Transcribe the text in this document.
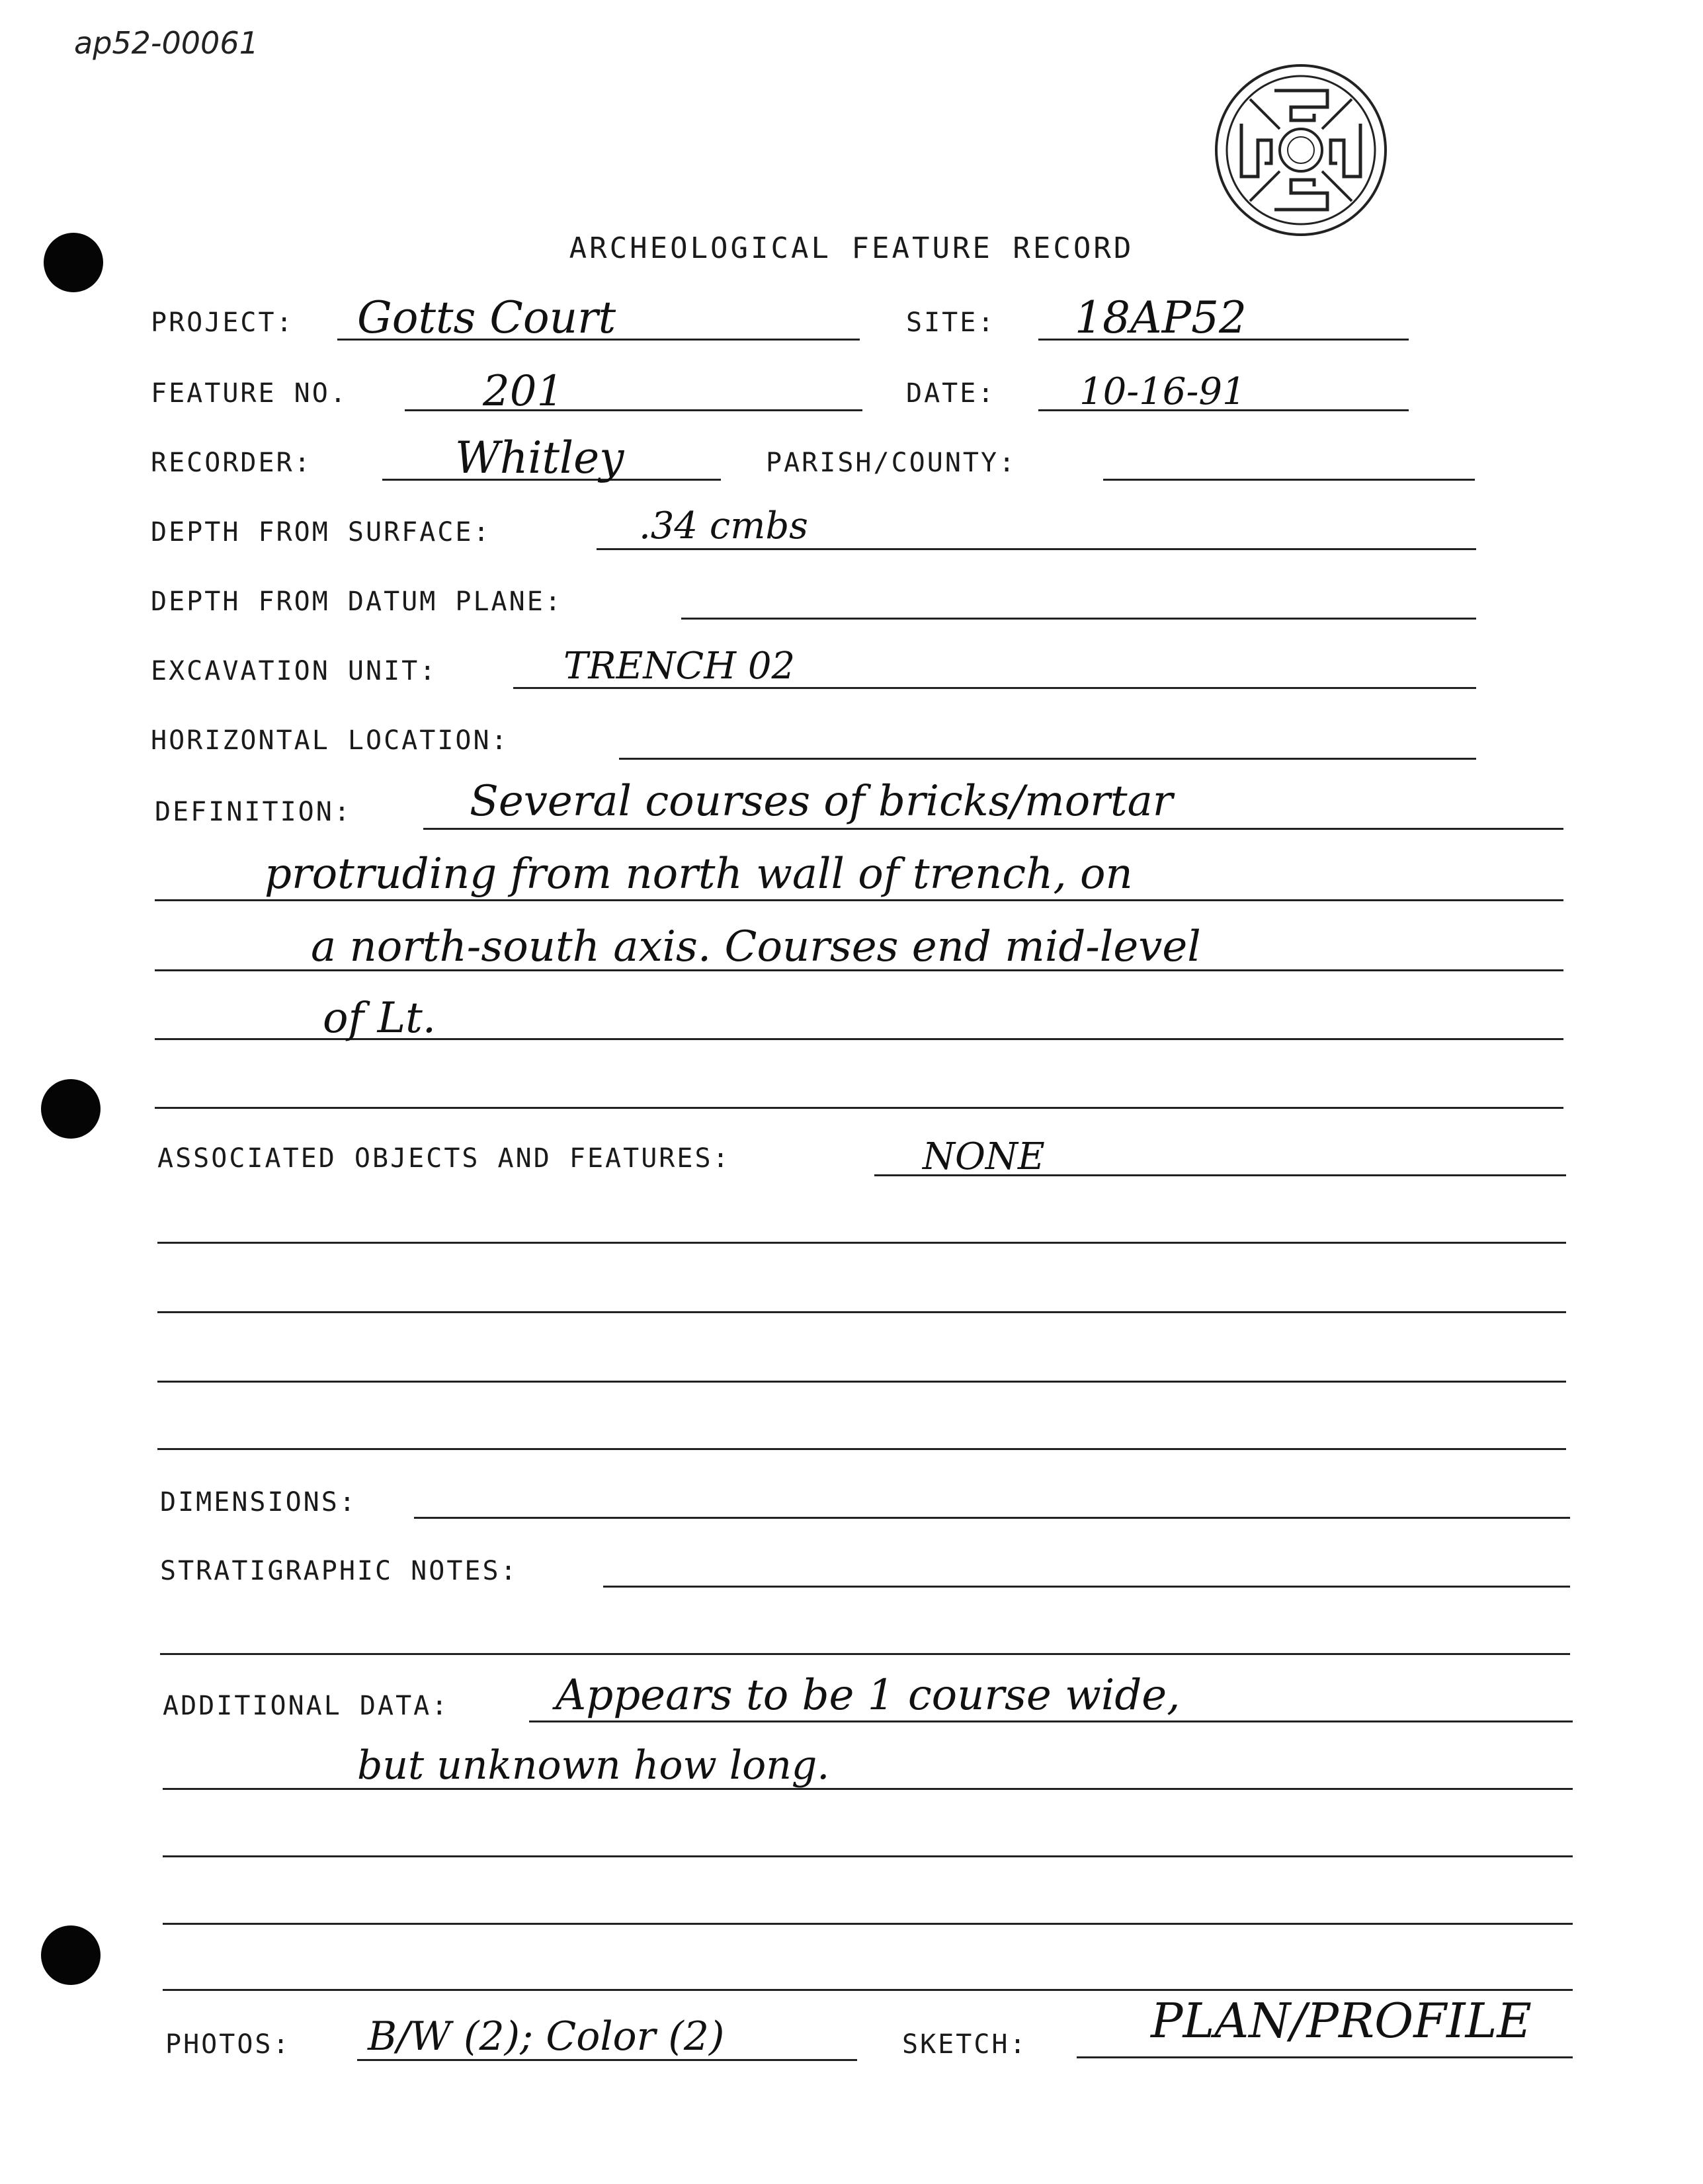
ap52-00061
ARCHEOLOGICAL FEATURE RECORD
PROJECT: Gotts Court	SITE: 18AP52
FEATURE NO.	201	DATE: 10-16-91
RECORDER:	Whitley	PARISH/COUNTY:
DEPTH FROM SURFACE:	.34 cmbs
DEPTH FROM DATUM PLANE:
EXCAVATION UNIT:	TRENCH 02
HORIZONTAL LOCATION:
DEFINITION:	Several courses of bricks/mortar
protruding from north wall of trench, on
a north-south axis. Courses end mid-level
of Lt.
ASSOCIATED OBJECTS AND FEATURES:	NONE
DIMENSIONS:
STRATIGRAPHIC NOTES:
ADDITIONAL DATA:	Appears to be 1 course wide,
but unknown how long.
PHOTOS: B/W (2); Color (2)	SKETCH:	PLAN/PROFILE
